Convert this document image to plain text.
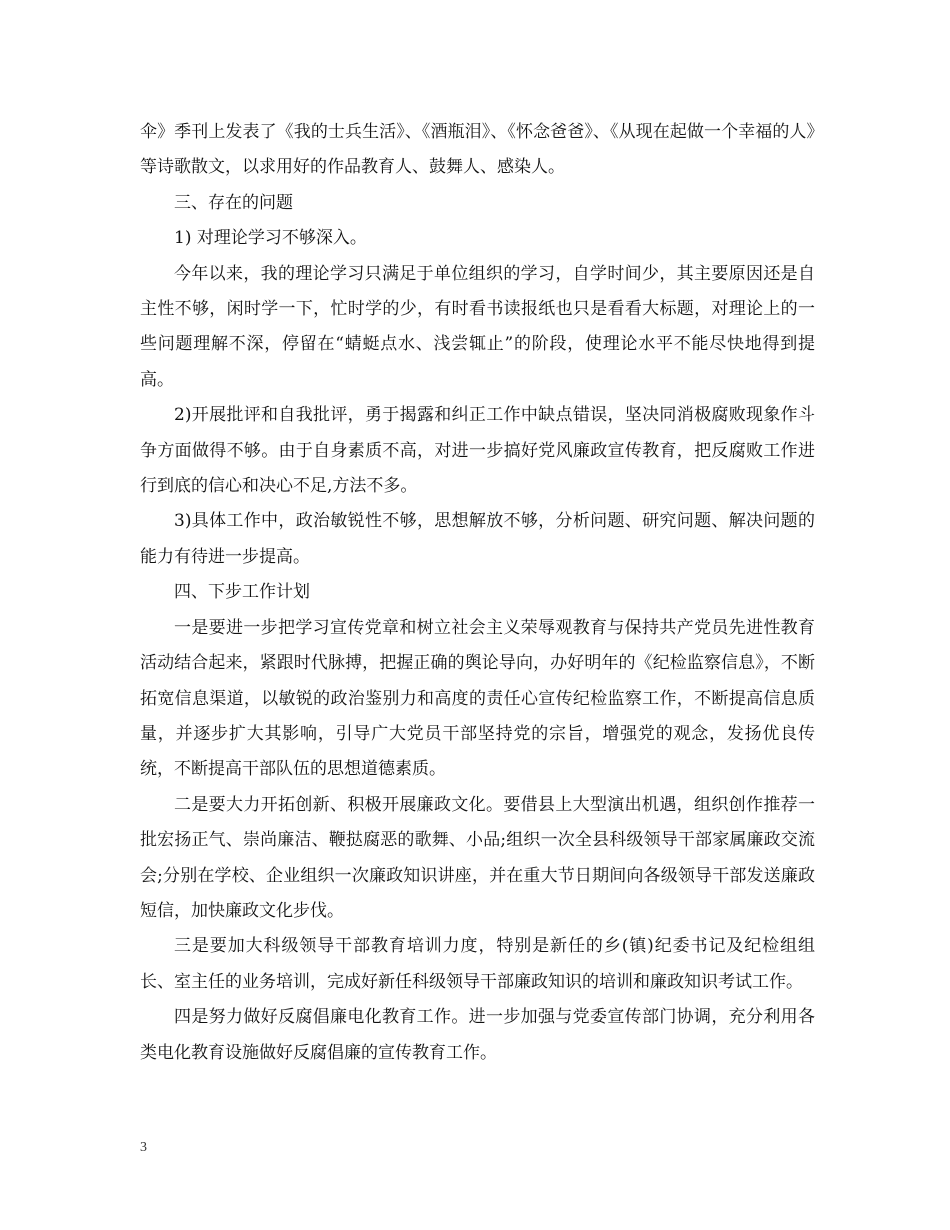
伞》季刊上发表了《我的士兵生活》、《酒瓶泪》、《怀念爸爸》、《从现在起做一个幸福的人》等诗歌散文，以求用好的作品教育人、鼓舞人、感染人。

三、存在的问题

1) 对理论学习不够深入。

今年以来，我的理论学习只满足于单位组织的学习，自学时间少，其主要原因还是自主性不够，闲时学一下，忙时学的少，有时看书读报纸也只是看看大标题，对理论上的一些问题理解不深，停留在“蜻蜓点水、浅尝辄止”的阶段，使理论水平不能尽快地得到提高。

2)开展批评和自我批评，勇于揭露和纠正工作中缺点错误，坚决同消极腐败现象作斗争方面做得不够。由于自身素质不高，对进一步搞好党风廉政宣传教育，把反腐败工作进行到底的信心和决心不足,方法不多。

3)具体工作中，政治敏锐性不够，思想解放不够，分析问题、研究问题、解决问题的能力有待进一步提高。

四、下步工作计划

一是要进一步把学习宣传党章和树立社会主义荣辱观教育与保持共产党员先进性教育活动结合起来，紧跟时代脉搏，把握正确的舆论导向，办好明年的《纪检监察信息》，不断拓宽信息渠道，以敏锐的政治鉴别力和高度的责任心宣传纪检监察工作，不断提高信息质量，并逐步扩大其影响，引导广大党员干部坚持党的宗旨，增强党的观念，发扬优良传统，不断提高干部队伍的思想道德素质。

二是要大力开拓创新、积极开展廉政文化。要借县上大型演出机遇，组织创作推荐一批宏扬正气、崇尚廉洁、鞭挞腐恶的歌舞、小品;组织一次全县科级领导干部家属廉政交流会;分别在学校、企业组织一次廉政知识讲座，并在重大节日期间向各级领导干部发送廉政短信，加快廉政文化步伐。

三是要加大科级领导干部教育培训力度，特别是新任的乡(镇)纪委书记及纪检组组长、室主任的业务培训，完成好新任科级领导干部廉政知识的培训和廉政知识考试工作。

四是努力做好反腐倡廉电化教育工作。进一步加强与党委宣传部门协调，充分利用各类电化教育设施做好反腐倡廉的宣传教育工作。

3
